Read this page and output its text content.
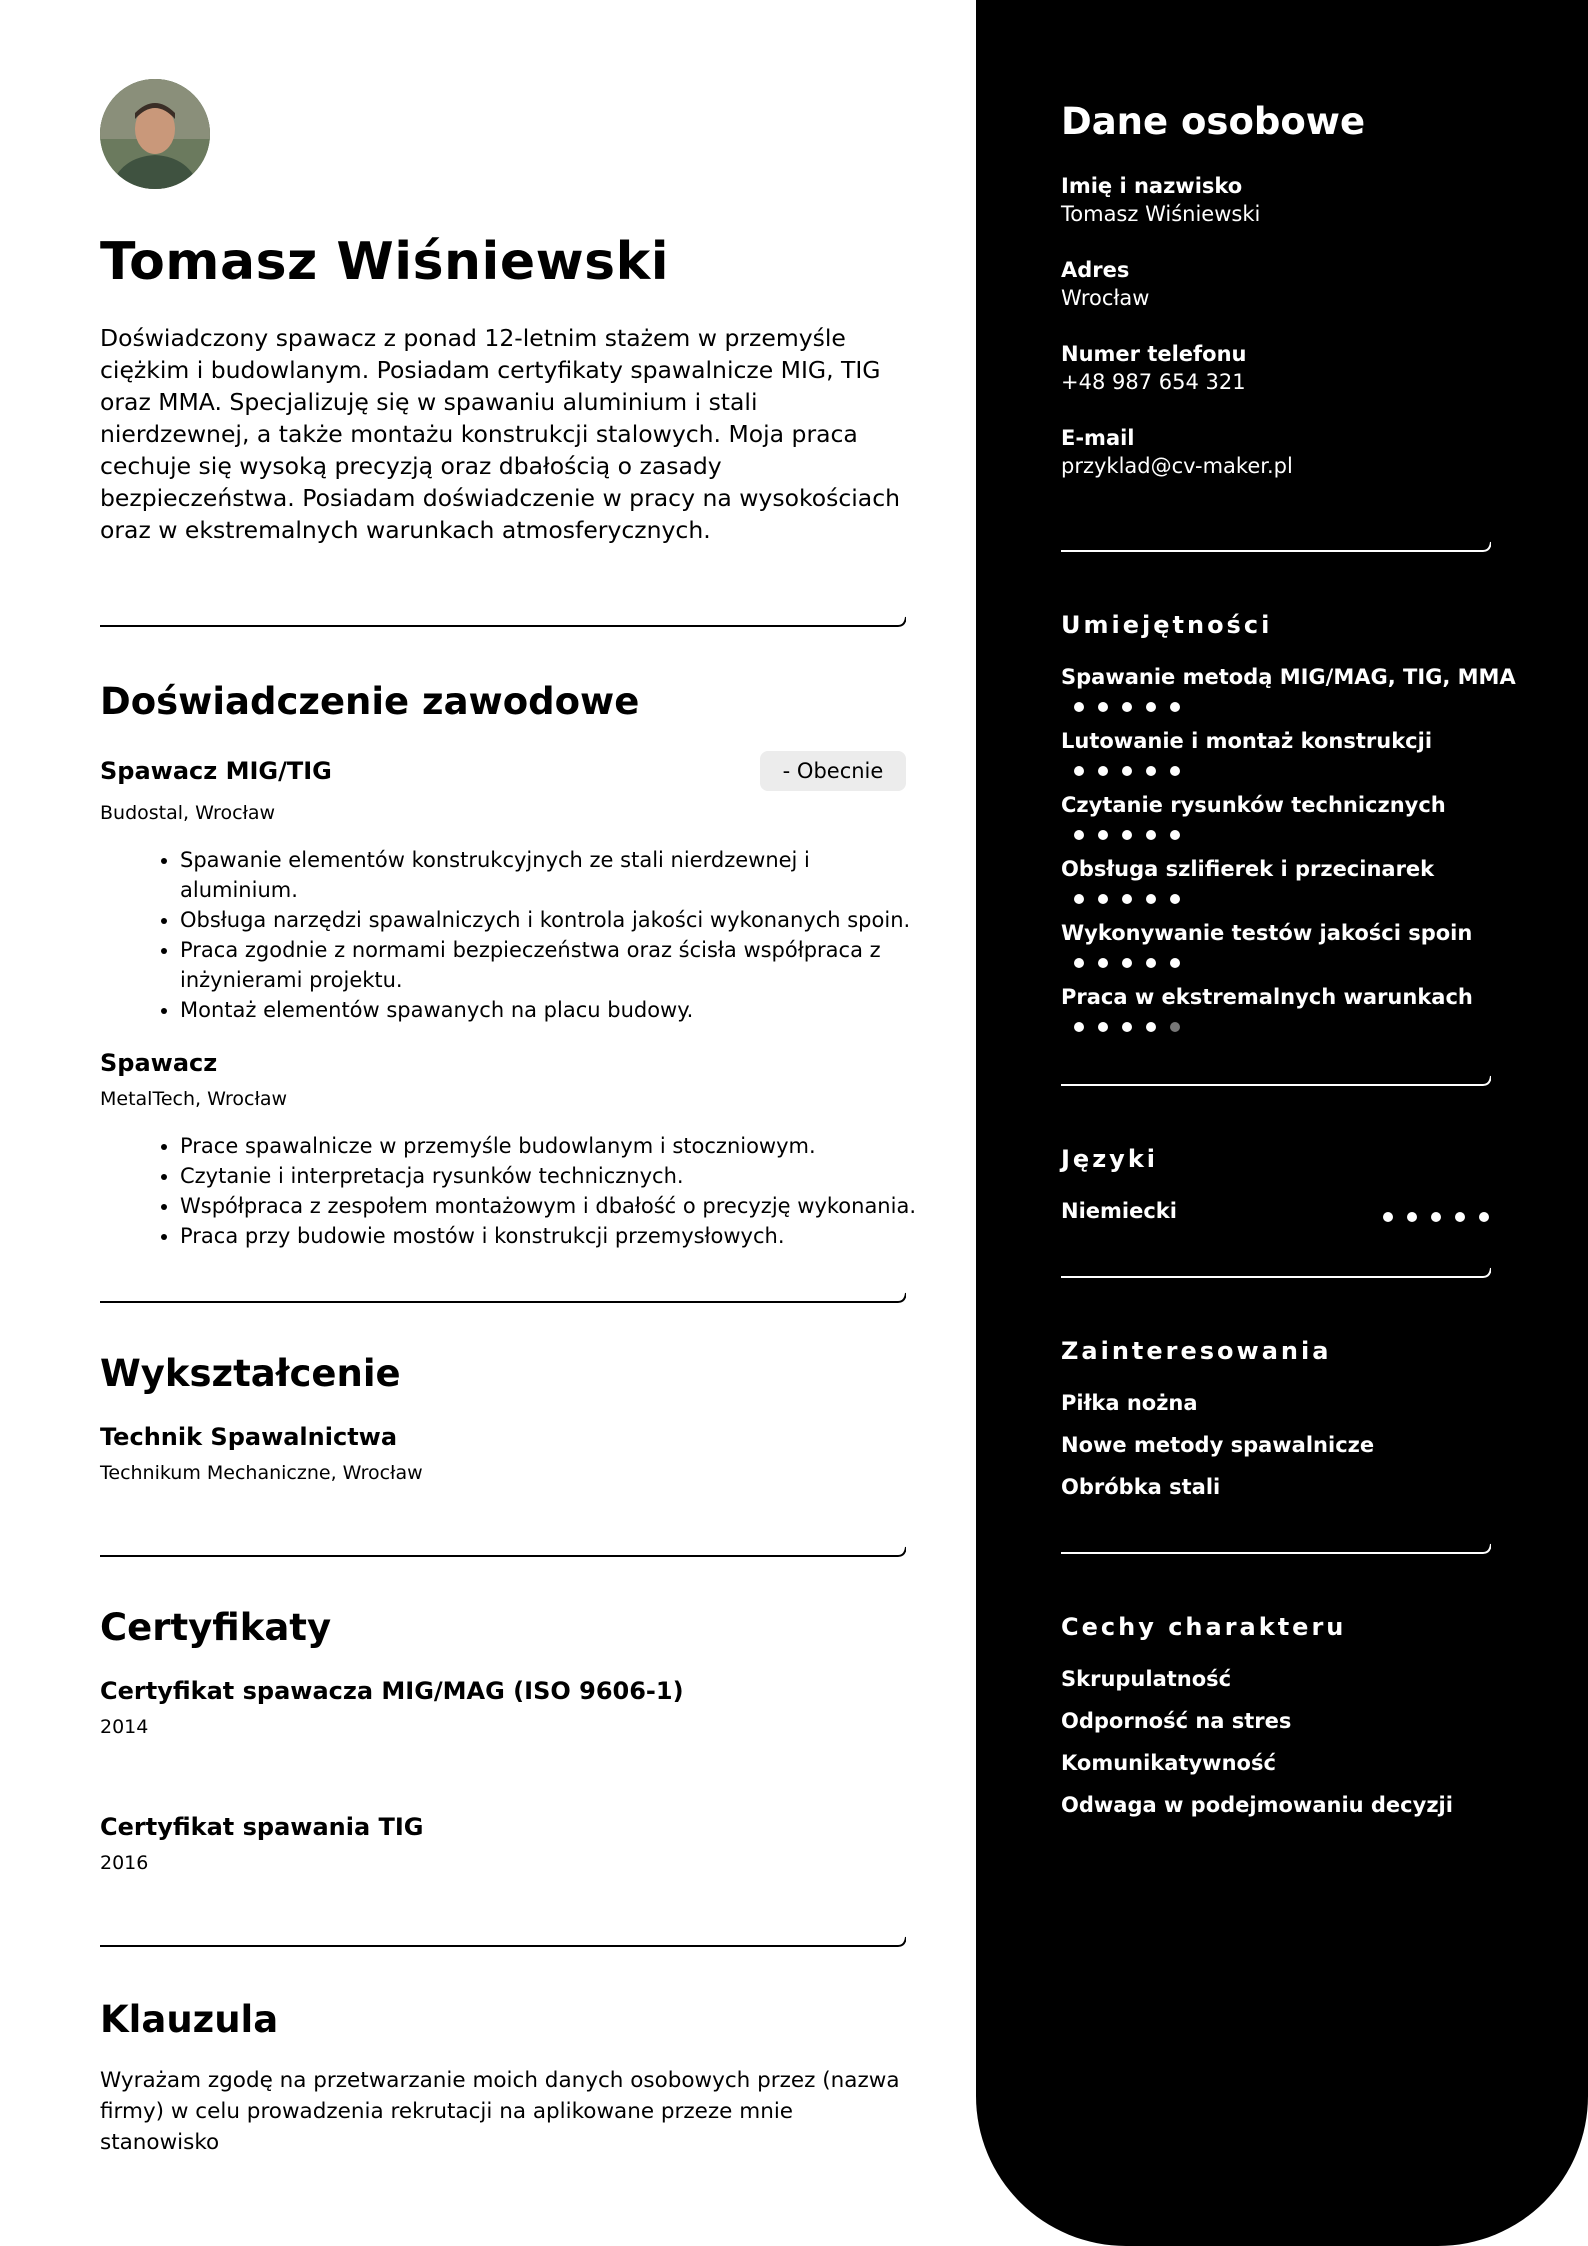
Tomasz Wiśniewski

Doświadczony spawacz z ponad 12-letnim stażem w przemyśle ciężkim i budowlanym. Posiadam certyfikaty spawalnicze MIG, TIG oraz MMA. Specjalizuję się w spawaniu aluminium i stali nierdzewnej, a także montażu konstrukcji stalowych. Moja praca cechuje się wysoką precyzją oraz dbałością o zasady bezpieczeństwa. Posiadam doświadczenie w pracy na wysokościach oraz w ekstremalnych warunkach atmosferycznych.

Doświadczenie zawodowe
Spawacz MIG/TIG	- Obecnie

Budostal, Wrocław

• Spawanie elementów konstrukcyjnych ze stali nierdzewnej i aluminium.
• Obsługa narzędzi spawalniczych i kontrola jakości wykonanych spoin.
• Praca zgodnie z normami bezpieczeństwa oraz ścisła współpraca z inżynierami projektu.
• Montaż elementów spawanych na placu budowy.
Spawacz

MetalTech, Wrocław

• Prace spawalnicze w przemyśle budowlanym i stoczniowym.
• Czytanie i interpretacja rysunków technicznych.
• Współpraca z zespołem montażowym i dbałość o precyzję wykonania.
• Praca przy budowie mostów i konstrukcji przemysłowych.
Wykształcenie
Technik Spawalnictwa

Technikum Mechaniczne, Wrocław

Certyfikaty
Certyfikat spawacza MIG/MAG (ISO 9606-1)

2014

Certyfikat spawania TIG

2016

Klauzula

Wyrażam zgodę na przetwarzanie moich danych osobowych przez (nazwa firmy) w celu prowadzenia rekrutacji na aplikowane przeze mnie stanowisko

Dane osobowe

Imię i nazwisko

Tomasz Wiśniewski

Adres

Wrocław

Numer telefonu

+48 987 654 321

E-mail

przyklad@cv-maker.pl

Umiejętności

Spawanie metodą MIG/MAG, TIG, MMA

Lutowanie i montaż konstrukcji

Czytanie rysunków technicznych

Obsługa szlifierek i przecinarek

Wykonywanie testów jakości spoin

Praca w ekstremalnych warunkach

Języki

Niemiecki

Zainteresowania

Piłka nożna

Nowe metody spawalnicze

Obróbka stali

Cechy charakteru

Skrupulatność

Odporność na stres

Komunikatywność

Odwaga w podejmowaniu decyzji
